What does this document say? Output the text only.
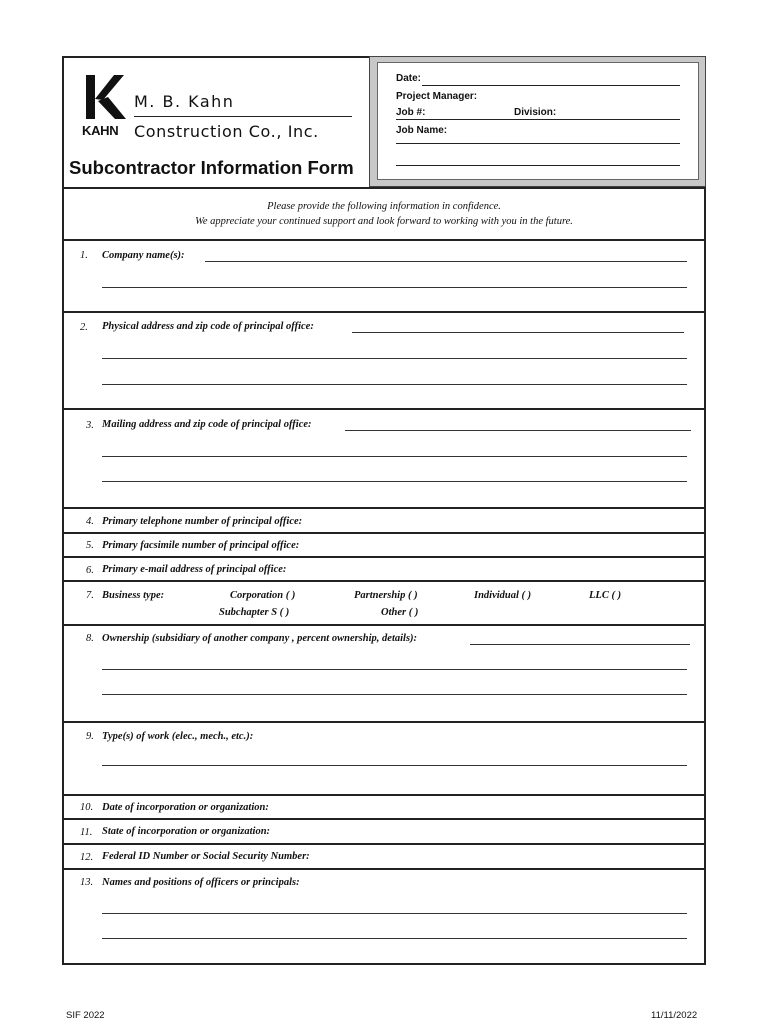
KAHN
M. B. Kahn
Construction Co., Inc.
Subcontractor Information Form
Date:
Project Manager:
Job #:	Division:
Job Name:
Please provide the following information in confidence.
We appreciate your continued support and look forward to working with you in the future.
1. Company name(s):
2. Physical address and zip code of principal office:
3. Mailing address and zip code of principal office:
4. Primary telephone number of principal office:
5. Primary facsimile number of principal office:
6. Primary e-mail address of principal office:
7. Business type:	Corporation ( )	Partnership ( )	Individual ( )	LLC ( )
Subchapter S ( )	Other ( )
8. Ownership (subsidiary of another company , percent ownership, details):
9. Type(s) of work (elec., mech., etc.):
10. Date of incorporation or organization:
11. State of incorporation or organization:
12. Federal ID Number or Social Security Number:
13. Names and positions of officers or principals:
SIF 2022	11/11/2022
